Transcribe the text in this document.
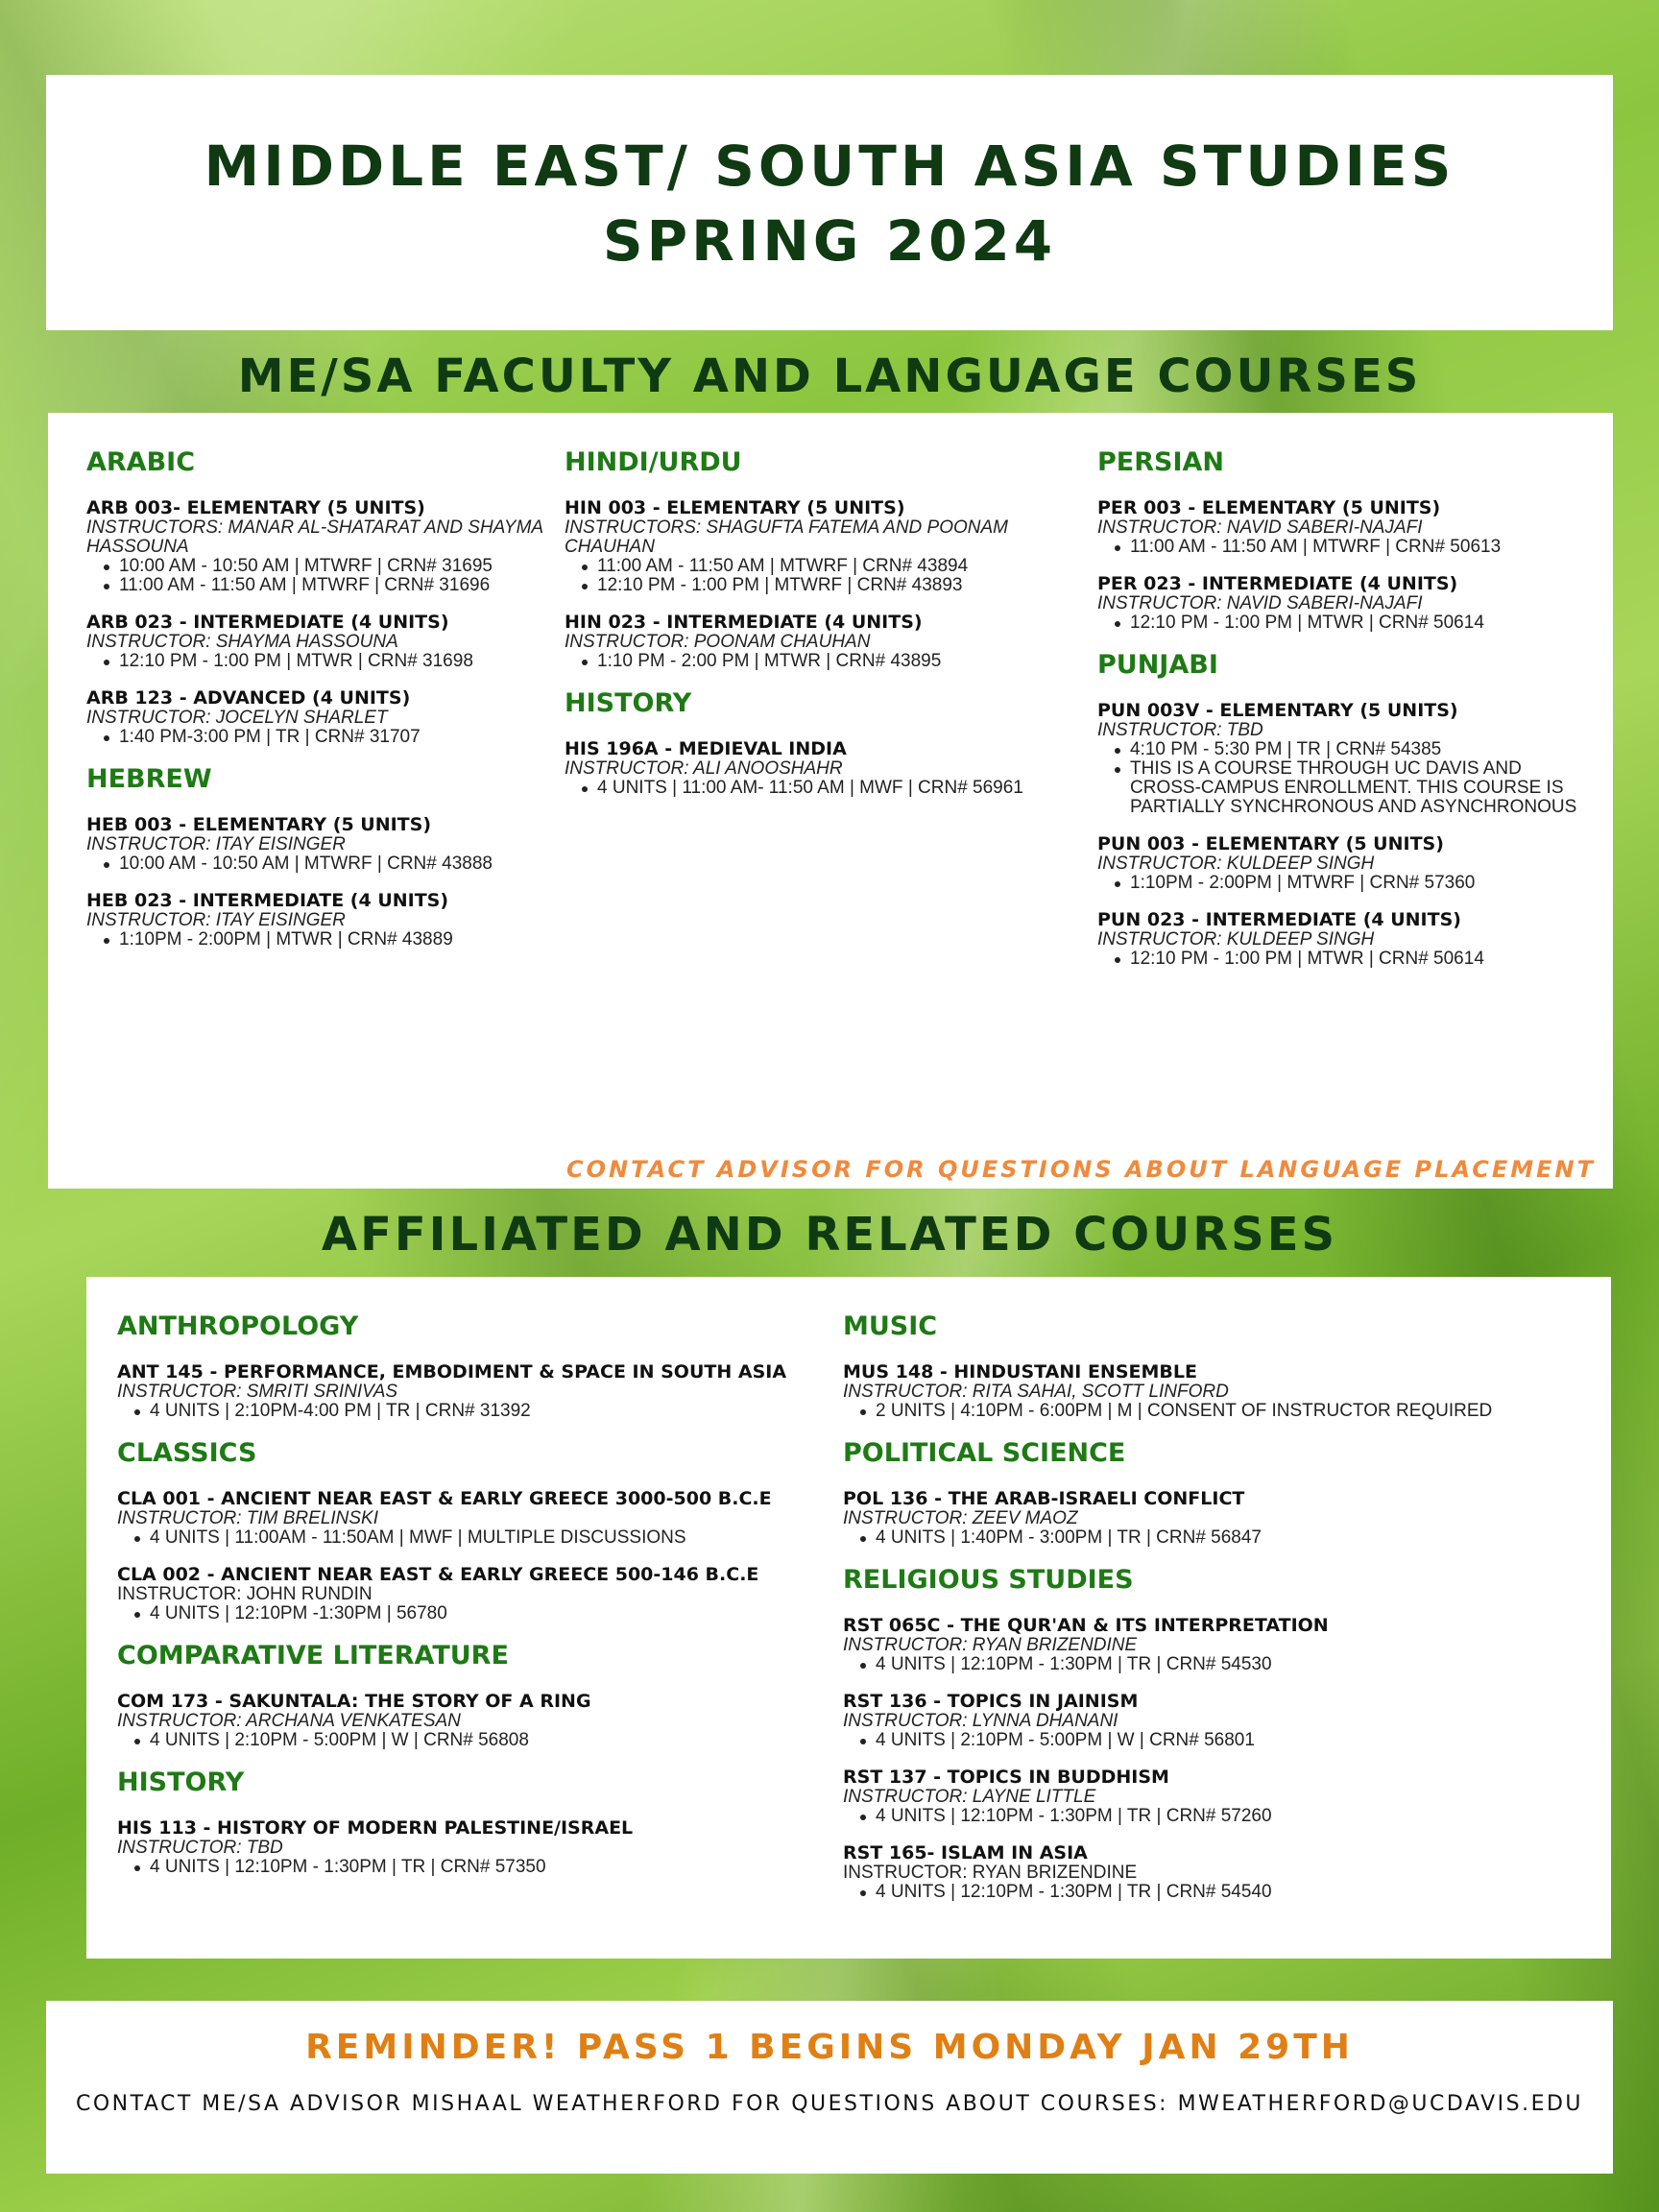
MIDDLE EAST/ SOUTH ASIA STUDIES
SPRING 2024
ME/SA FACULTY AND LANGUAGE COURSES
ARABIC
ARB 003- ELEMENTARY (5 UNITS)
INSTRUCTORS: MANAR AL-SHATARAT AND SHAYMA HASSOUNA
10:00 AM - 10:50 AM | MTWRF | CRN# 31695
11:00 AM - 11:50 AM | MTWRF | CRN# 31696
ARB 023 - INTERMEDIATE (4 UNITS)
INSTRUCTOR: SHAYMA HASSOUNA
12:10 PM - 1:00 PM | MTWR | CRN# 31698
ARB 123 - ADVANCED (4 UNITS)
INSTRUCTOR: JOCELYN SHARLET
1:40 PM-3:00 PM | TR | CRN# 31707
HEBREW
HEB 003 - ELEMENTARY (5 UNITS)
INSTRUCTOR: ITAY EISINGER
10:00 AM - 10:50 AM | MTWRF | CRN# 43888
HEB 023 - INTERMEDIATE (4 UNITS)
INSTRUCTOR: ITAY EISINGER
1:10PM - 2:00PM | MTWR | CRN# 43889
HINDI/URDU
HIN 003 - ELEMENTARY (5 UNITS)
INSTRUCTORS: SHAGUFTA FATEMA AND POONAM CHAUHAN
11:00 AM - 11:50 AM | MTWRF | CRN# 43894
12:10 PM - 1:00 PM | MTWRF | CRN# 43893
HIN 023 - INTERMEDIATE (4 UNITS)
INSTRUCTOR: POONAM CHAUHAN
1:10 PM - 2:00 PM | MTWR | CRN# 43895
HISTORY
HIS 196A - MEDIEVAL INDIA
INSTRUCTOR: ALI ANOOSHAHR
4 UNITS | 11:00 AM- 11:50 AM | MWF | CRN# 56961
PERSIAN
PER 003 - ELEMENTARY (5 UNITS)
INSTRUCTOR: NAVID SABERI-NAJAFI
11:00 AM - 11:50 AM | MTWRF | CRN# 50613
PER 023 - INTERMEDIATE (4 UNITS)
INSTRUCTOR: NAVID SABERI-NAJAFI
12:10 PM - 1:00 PM | MTWR | CRN# 50614
PUNJABI
PUN 003V - ELEMENTARY (5 UNITS)
INSTRUCTOR: TBD
4:10 PM - 5:30 PM | TR | CRN# 54385
THIS IS A COURSE THROUGH UC DAVIS AND CROSS-CAMPUS ENROLLMENT. THIS COURSE IS PARTIALLY SYNCHRONOUS AND ASYNCHRONOUS
PUN 003 - ELEMENTARY (5 UNITS)
INSTRUCTOR: KULDEEP SINGH
1:10PM - 2:00PM | MTWRF | CRN# 57360
PUN 023 - INTERMEDIATE (4 UNITS)
INSTRUCTOR: KULDEEP SINGH
12:10 PM - 1:00 PM | MTWR | CRN# 50614
CONTACT ADVISOR FOR QUESTIONS ABOUT LANGUAGE PLACEMENT
AFFILIATED AND RELATED COURSES
ANTHROPOLOGY
ANT 145 - PERFORMANCE, EMBODIMENT & SPACE IN SOUTH ASIA
INSTRUCTOR: SMRITI SRINIVAS
4 UNITS | 2:10PM-4:00 PM | TR | CRN# 31392
CLASSICS
CLA 001 - ANCIENT NEAR EAST & EARLY GREECE 3000-500 B.C.E
INSTRUCTOR: TIM BRELINSKI
4 UNITS | 11:00AM - 11:50AM | MWF | MULTIPLE DISCUSSIONS
CLA 002 - ANCIENT NEAR EAST & EARLY GREECE 500-146 B.C.E
INSTRUCTOR: JOHN RUNDIN
4 UNITS | 12:10PM -1:30PM | 56780
COMPARATIVE LITERATURE
COM 173 - SAKUNTALA: THE STORY OF A RING
INSTRUCTOR: ARCHANA VENKATESAN
4 UNITS | 2:10PM - 5:00PM | W | CRN# 56808
HISTORY
HIS 113 - HISTORY OF MODERN PALESTINE/ISRAEL
INSTRUCTOR: TBD
4 UNITS | 12:10PM - 1:30PM | TR | CRN# 57350
MUSIC
MUS 148 - HINDUSTANI ENSEMBLE
INSTRUCTOR: RITA SAHAI, SCOTT LINFORD
2 UNITS | 4:10PM - 6:00PM | M | CONSENT OF INSTRUCTOR REQUIRED
POLITICAL SCIENCE
POL 136 - THE ARAB-ISRAELI CONFLICT
INSTRUCTOR: ZEEV MAOZ
4 UNITS | 1:40PM - 3:00PM | TR | CRN# 56847
RELIGIOUS STUDIES
RST 065C - THE QUR'AN & ITS INTERPRETATION
INSTRUCTOR: RYAN BRIZENDINE
4 UNITS | 12:10PM - 1:30PM | TR | CRN# 54530
RST 136 - TOPICS IN JAINISM
INSTRUCTOR: LYNNA DHANANI
4 UNITS | 2:10PM - 5:00PM | W | CRN# 56801
RST 137 - TOPICS IN BUDDHISM
INSTRUCTOR: LAYNE LITTLE
4 UNITS | 12:10PM - 1:30PM | TR | CRN# 57260
RST 165- ISLAM IN ASIA
INSTRUCTOR: RYAN BRIZENDINE
4 UNITS | 12:10PM - 1:30PM | TR | CRN# 54540
REMINDER! PASS 1 BEGINS MONDAY JAN 29TH
CONTACT ME/SA ADVISOR MISHAAL WEATHERFORD FOR QUESTIONS ABOUT COURSES: MWEATHERFORD@UCDAVIS.EDU
